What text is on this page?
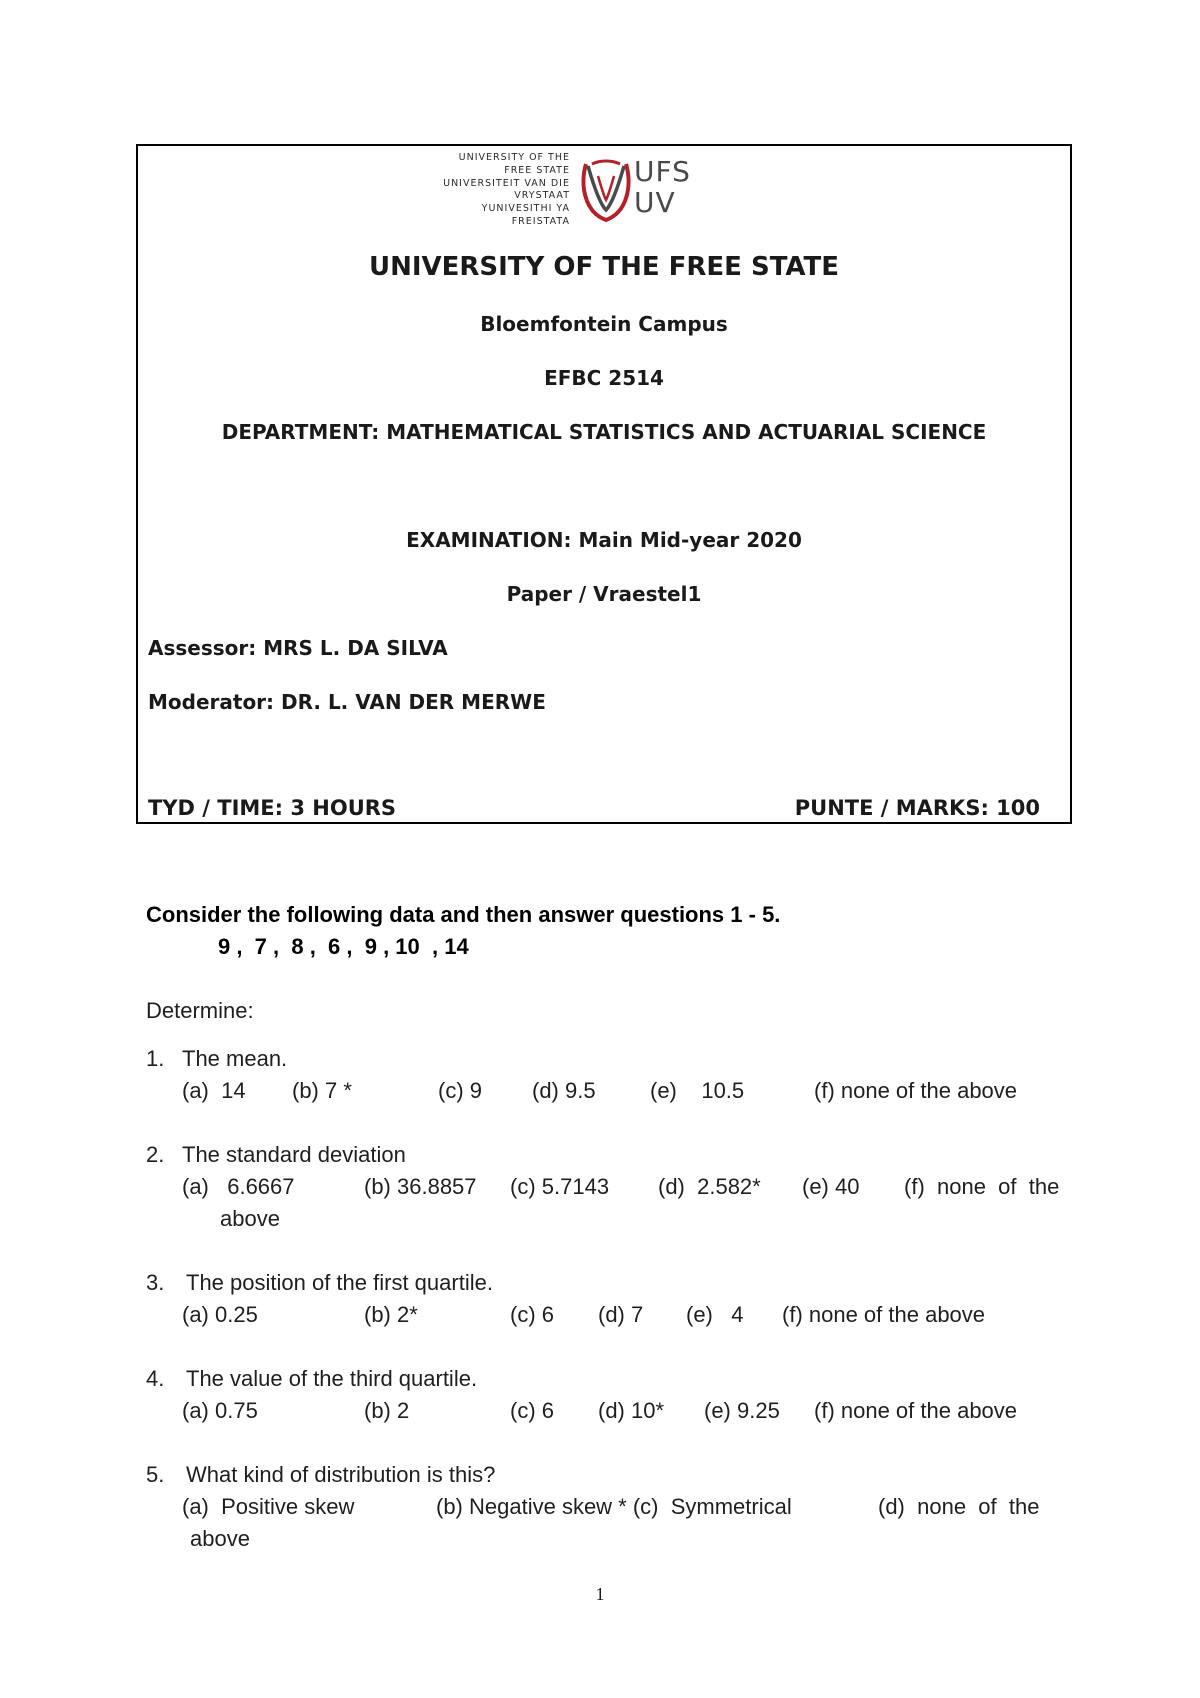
UNIVERSITY OF THE
FREE STATE
UNIVERSITEIT VAN DIE
VRYSTAAT
YUNIVESITHI YA
FREISTATA
UFS
UV
UNIVERSITY OF THE FREE STATE
Bloemfontein Campus
EFBC 2514
DEPARTMENT: MATHEMATICAL STATISTICS AND ACTUARIAL SCIENCE
EXAMINATION: Main Mid-year 2020
Paper / Vraestel1
Assessor: MRS L. DA SILVA
Moderator: DR. L. VAN DER MERWE
TYD / TIME: 3 HOURS	PUNTE / MARKS: 100
Consider the following data and then answer questions 1 - 5.
9 ,  7 ,  8 ,  6 ,  9 , 10  , 14
Determine:
1. The mean.
(a)  14 (b) 7 *	(c) 9 (d) 9.5 (e)    10.5	(f) none of the above
2. The standard deviation
(a)   6.6667	(b) 36.8857 (c) 5.7143 (d)  2.582* (e) 40 (f)  none  of  the
above
3. The position of the first quartile.
(a) 0.25	(b) 2*	(c) 6 (d) 7 (e)   4 (f) none of the above
4. The value of the third quartile.
(a) 0.75	(b) 2	(c) 6 (d) 10* (e) 9.25 (f) none of the above
5. What kind of distribution is this?
(a)  Positive skew	(b) Negative skew * (c)  Symmetrical	(d)  none  of  the
above
1
